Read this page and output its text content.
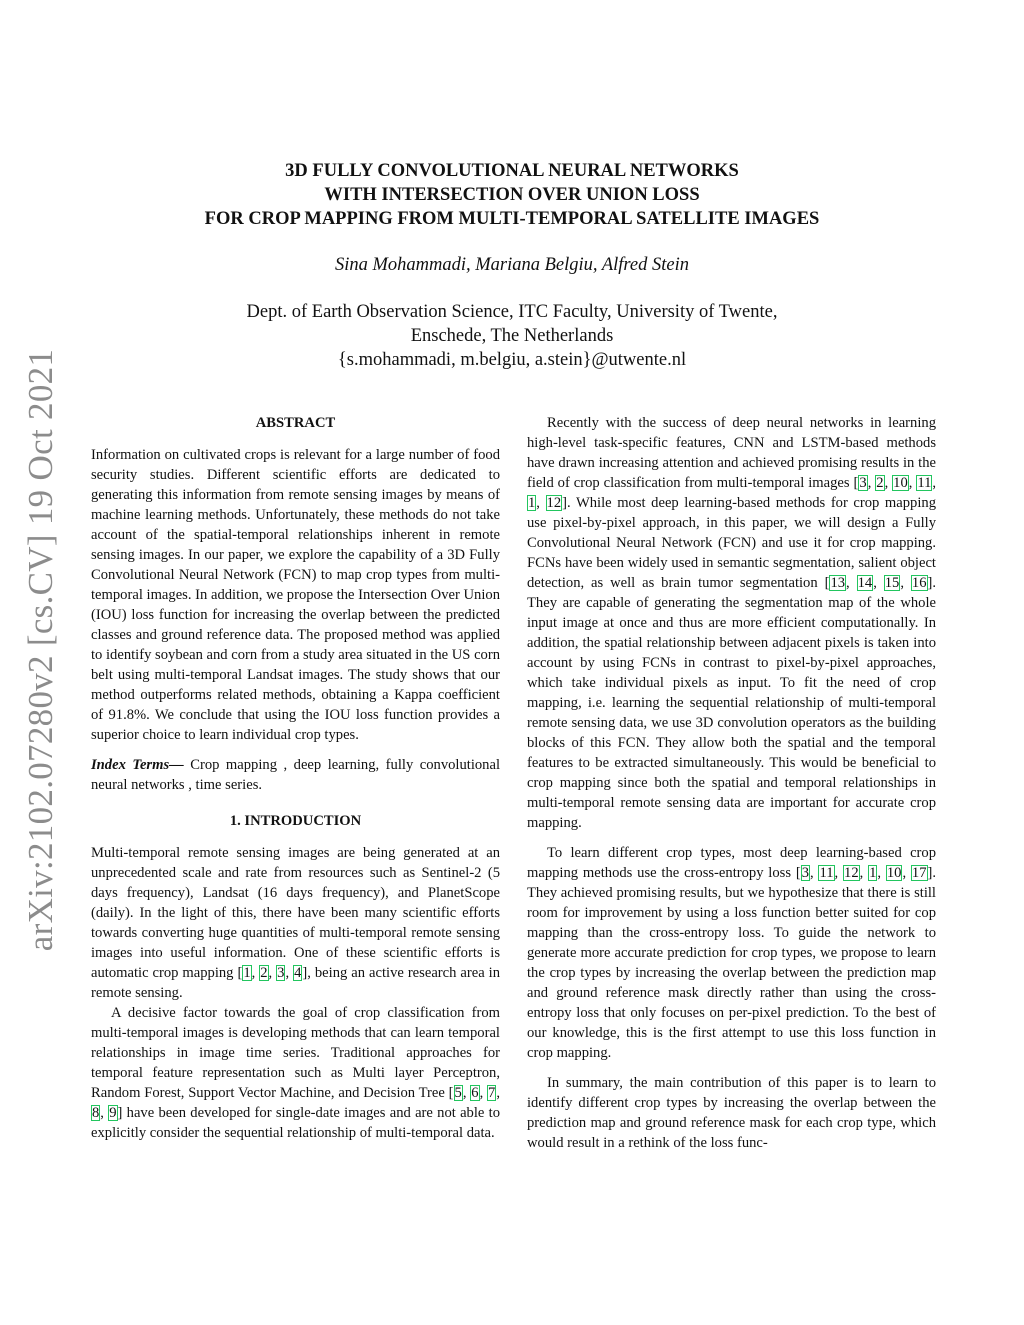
arXiv:2102.07280v2 [cs.CV] 19 Oct 2021
3D FULLY CONVOLUTIONAL NEURAL NETWORKS
WITH INTERSECTION OVER UNION LOSS
FOR CROP MAPPING FROM MULTI-TEMPORAL SATELLITE IMAGES
Sina Mohammadi, Mariana Belgiu, Alfred Stein
Dept. of Earth Observation Science, ITC Faculty, University of Twente,
Enschede, The Netherlands
{s.mohammadi, m.belgiu, a.stein}@utwente.nl
ABSTRACT

Information on cultivated crops is relevant for a large number of food security studies. Different scientific efforts are dedicated to generating this information from remote sensing images by means of machine learning methods. Unfortunately, these methods do not take account of the spatial-temporal relationships inherent in remote sensing images. In our paper, we explore the capability of a 3D Fully Convolutional Neural Network (FCN) to map crop types from multi-temporal images. In addition, we propose the Intersection Over Union (IOU) loss function for increasing the overlap between the predicted classes and ground reference data. The proposed method was applied to identify soybean and corn from a study area situated in the US corn belt using multi-temporal Landsat images. The study shows that our method outperforms related methods, obtaining a Kappa coefficient of 91.8%. We conclude that using the IOU loss function provides a superior choice to learn individual crop types.

Index Terms— Crop mapping , deep learning, fully convolutional neural networks , time series.

1. INTRODUCTION

Multi-temporal remote sensing images are being generated at an unprecedented scale and rate from resources such as Sentinel-2 (5 days frequency), Landsat (16 days frequency), and PlanetScope (daily). In the light of this, there have been many scientific efforts towards converting huge quantities of multi-temporal remote sensing images into useful information. One of these scientific efforts is automatic crop mapping [1, 2, 3, 4], being an active research area in remote sensing.

A decisive factor towards the goal of crop classification from multi-temporal images is developing methods that can learn temporal relationships in image time series. Traditional approaches for temporal feature representation such as Multi layer Perceptron, Random Forest, Support Vector Machine, and Decision Tree [5, 6, 7, 8, 9] have been developed for single-date images and are not able to explicitly consider the sequential relationship of multi-temporal data.

Recently with the success of deep neural networks in learning high-level task-specific features, CNN and LSTM-based methods have drawn increasing attention and achieved promising results in the field of crop classification from multi-temporal images [3, 2, 10, 11, 1, 12]. While most deep learning-based methods for crop mapping use pixel-by-pixel approach, in this paper, we will design a Fully Convolutional Neural Network (FCN) and use it for crop mapping. FCNs have been widely used in semantic segmentation, salient object detection, as well as brain tumor segmentation [13, 14, 15, 16]. They are capable of generating the segmentation map of the whole input image at once and thus are more efficient computationally. In addition, the spatial relationship between adjacent pixels is taken into account by using FCNs in contrast to pixel-by-pixel approaches, which take individual pixels as input. To fit the need of crop mapping, i.e. learning the sequential relationship of multi-temporal remote sensing data, we use 3D convolution operators as the building blocks of this FCN. They allow both the spatial and the temporal features to be extracted simultaneously. This would be beneficial to crop mapping since both the spatial and temporal relationships in multi-temporal remote sensing data are important for accurate crop mapping.

To learn different crop types, most deep learning-based crop mapping methods use the cross-entropy loss [3, 11, 12, 1, 10, 17]. They achieved promising results, but we hypothesize that there is still room for improvement by using a loss function better suited for cop mapping than the cross-entropy loss. To guide the network to generate more accurate prediction for crop types, we propose to learn the crop types by increasing the overlap between the prediction map and ground reference mask directly rather than using the cross-entropy loss that only focuses on per-pixel prediction. To the best of our knowledge, this is the first attempt to use this loss function in crop mapping.

In summary, the main contribution of this paper is to learn to identify different crop types by increasing the overlap between the prediction map and ground reference mask for each crop type, which would result in a rethink of the loss func-
